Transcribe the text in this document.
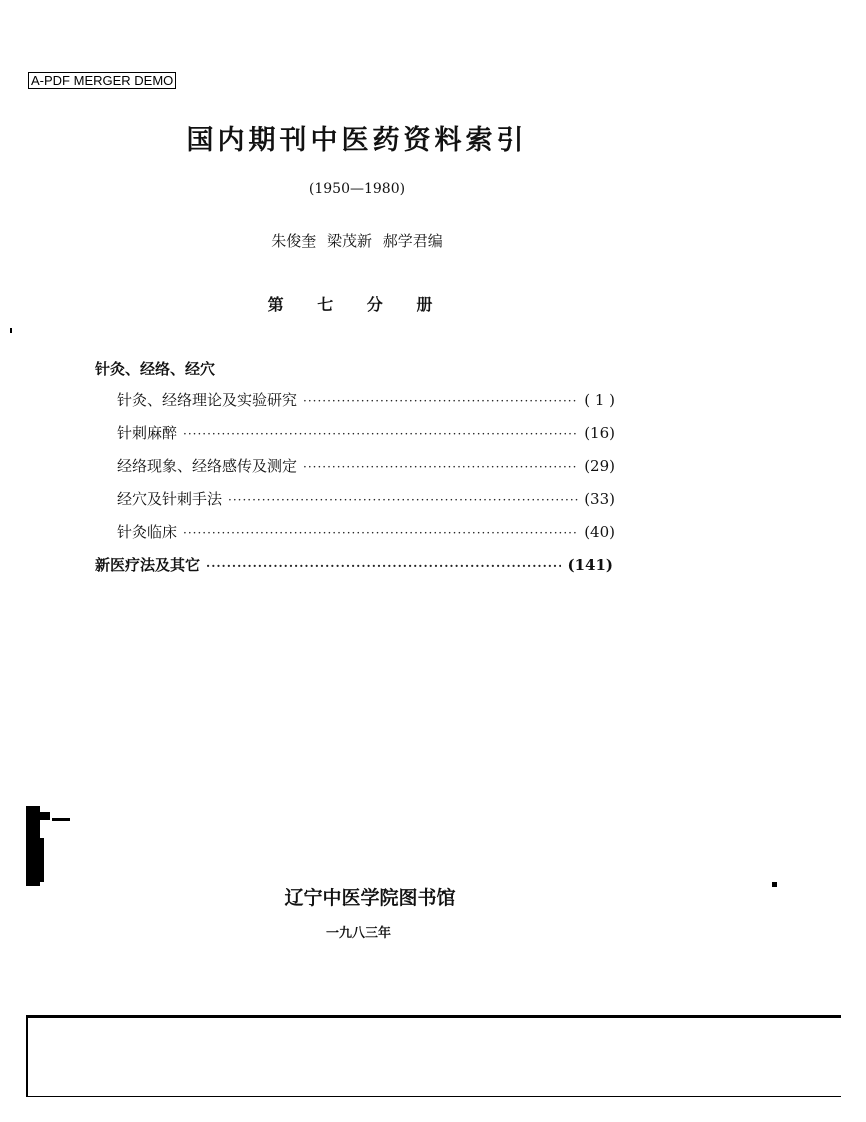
A-PDF MERGER DEMO
国内期刊中医药资料索引
(1950—1980)
朱俊奎 梁茂新 郝学君编
第 七 分 册
针灸、经络、经穴
针灸、经络理论及实验研究 ·····	( 1 )
针刺麻醉 ·····	(16)
经络现象、经络感传及测定 ·····	(29)
经穴及针刺手法 ·····	(33)
针灸临床 ·····	(40)
新医疗法及其它 ·····	(141)
辽宁中医学院图书馆
一九八三年
